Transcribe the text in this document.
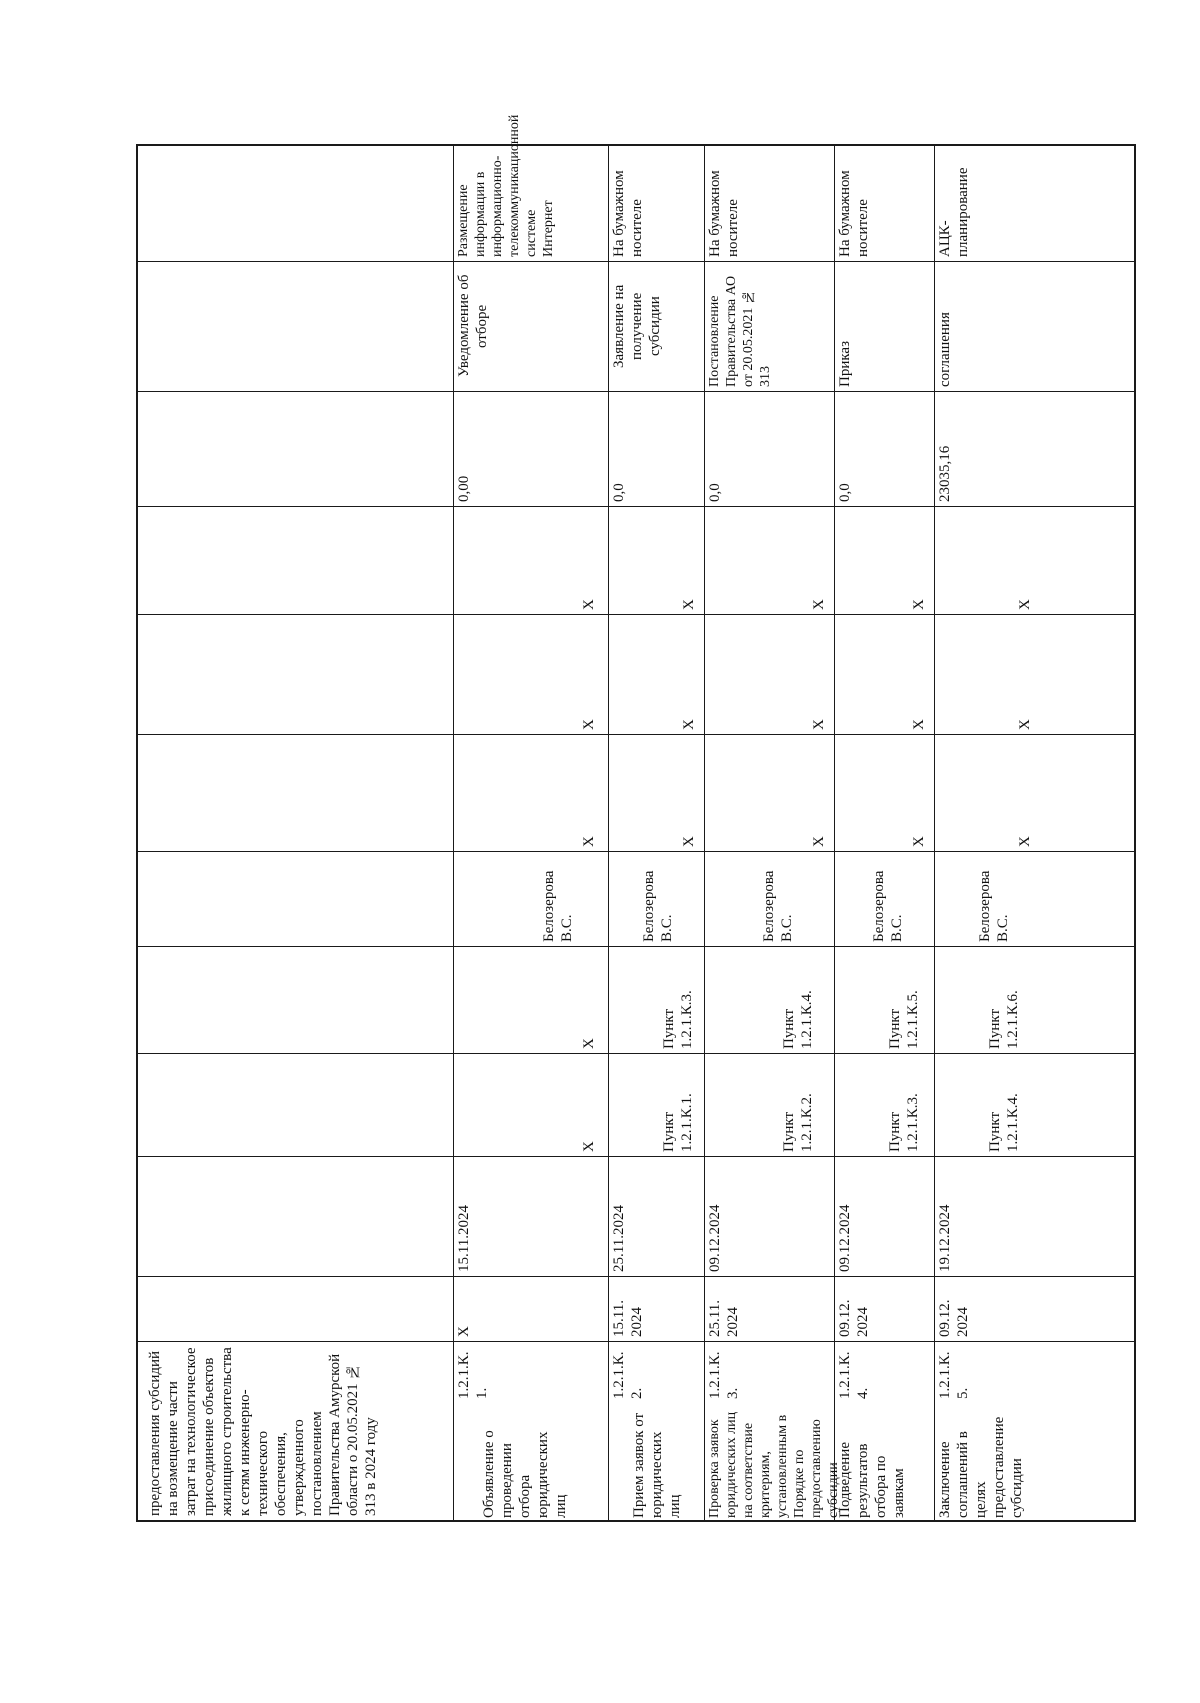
предоставления субсидий на возмещение части затрат на технологическое присоединение объектов жилищного строительства к сетям инженерно-технического обеспечения, утвержденного постановлением Правительства Амурской области о 20.05.2021 № 313 в 2024 году
1.2.1.К. 1.
Объявление о проведении отбора юридических лиц
X
15.11.2024
X
X
Белозерова В.С.
X
X
X
0,00
Уведомление об отборе
Размещение информации в информационно-телекоммуникационной системе Интернет
1.2.1.К. 2.
Прием заявок от юридических лиц
15.11. 2024
25.11.2024
Пункт 1.2.1.К.1.
Пункт 1.2.1.К.3.
Белозерова В.С.
X
X
X
0,0
Заявление на получение субсидии
На бумажном носителе
1.2.1.К. 3.
Проверка заявок юридических лиц на соответствие критериям, установленным в Порядке по предоставлению субсидии
25.11. 2024
09.12.2024
Пункт 1.2.1.К.2.
Пункт 1.2.1.К.4.
Белозерова В.С.
X
X
X
0,0
Постановление Правительства АО от 20.05.2021 № 313
На бумажном носителе
1.2.1.К. 4.
Подведение результатов отбора по заявкам
09.12. 2024
09.12.2024
Пункт 1.2.1.К.3.
Пункт 1.2.1.К.5.
Белозерова В.С.
X
X
X
0,0
Приказ
На бумажном носителе
1.2.1.К. 5.
Заключение соглашений в целях предоставление субсидии
09.12. 2024
19.12.2024
Пункт 1.2.1.К.4.
Пункт 1.2.1.К.6.
Белозерова В.С.
X
X
X
23035,16
соглашения
АЦК-планирование
